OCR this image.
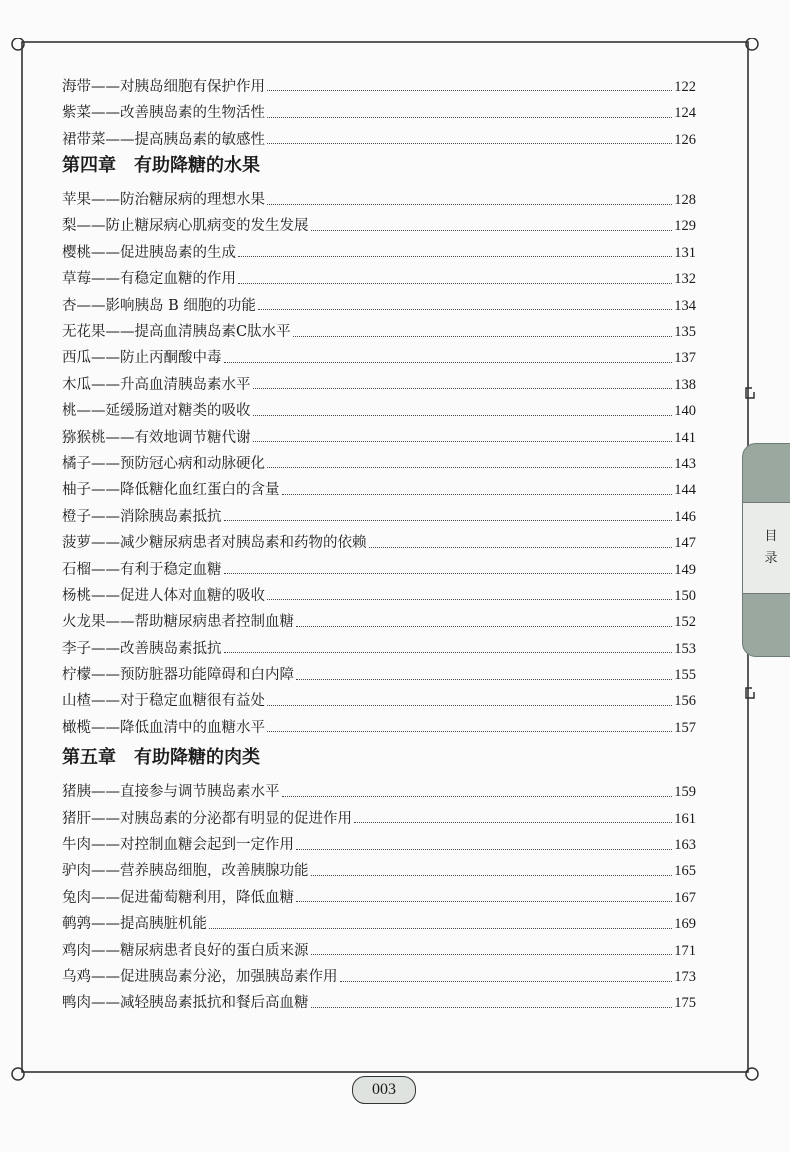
海带——对胰岛细胞有保护作用	122
紫菜——改善胰岛素的生物活性	124
裙带菜——提高胰岛素的敏感性	126
第四章 有助降糖的水果
苹果——防治糖尿病的理想水果	128
梨——防止糖尿病心肌病变的发生发展	129
樱桃——促进胰岛素的生成	131
草莓——有稳定血糖的作用	132
杏——影响胰岛 B 细胞的功能	134
无花果——提高血清胰岛素C肽水平	135
西瓜——防止丙酮酸中毒	137
木瓜——升高血清胰岛素水平	138
桃——延缓肠道对糖类的吸收	140
猕猴桃——有效地调节糖代谢	141
橘子——预防冠心病和动脉硬化	143
柚子——降低糖化血红蛋白的含量	144
橙子——消除胰岛素抵抗	146
菠萝——减少糖尿病患者对胰岛素和药物的依赖	147
石榴——有利于稳定血糖	149
杨桃——促进人体对血糖的吸收	150
火龙果——帮助糖尿病患者控制血糖	152
李子——改善胰岛素抵抗	153
柠檬——预防脏器功能障碍和白内障	155
山楂——对于稳定血糖很有益处	156
橄榄——降低血清中的血糖水平	157
第五章 有助降糖的肉类
猪胰——直接参与调节胰岛素水平	159
猪肝——对胰岛素的分泌都有明显的促进作用	161
牛肉——对控制血糖会起到一定作用	163
驴肉——营养胰岛细胞，改善胰腺功能	165
兔肉——促进葡萄糖利用，降低血糖	167
鹌鹑——提高胰脏机能	169
鸡肉——糖尿病患者良好的蛋白质来源	171
乌鸡——促进胰岛素分泌，加强胰岛素作用	173
鸭肉——减轻胰岛素抵抗和餐后高血糖	175
目
录
003
